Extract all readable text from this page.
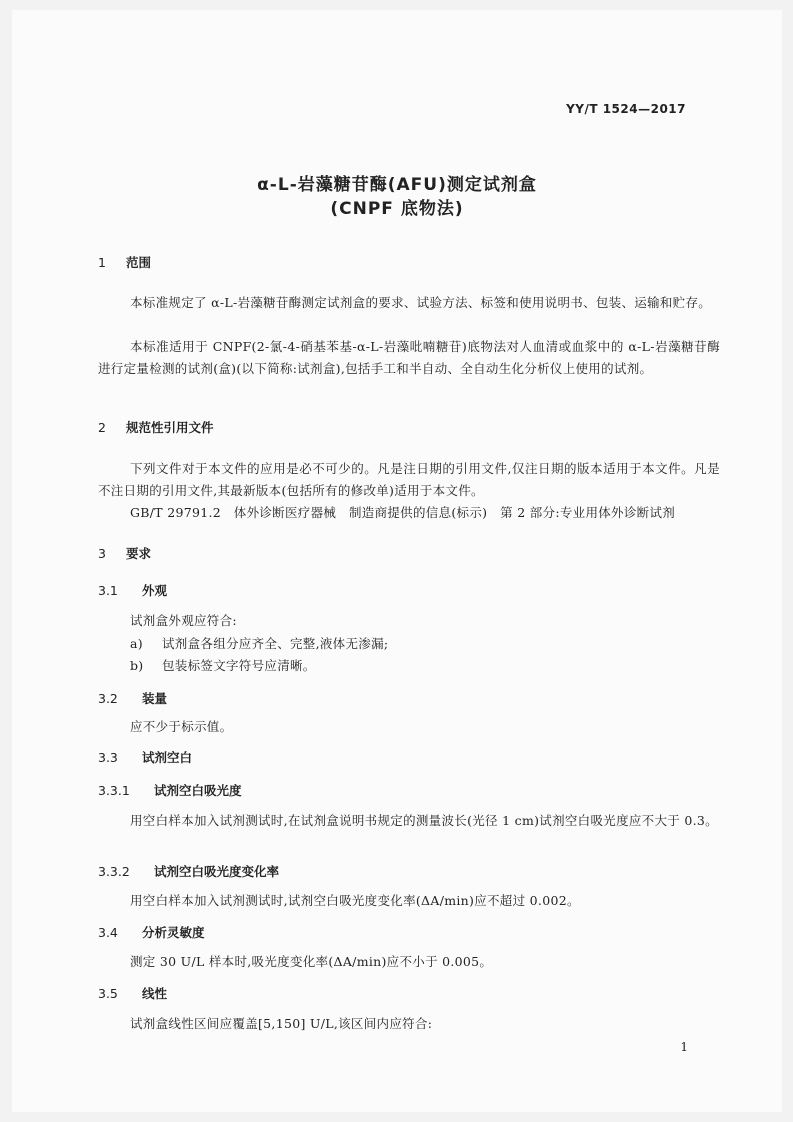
YY/T 1524—2017
α-L-岩藻糖苷酶(AFU)测定试剂盒
(CNPF 底物法)
1 范围
本标准规定了 α-L-岩藻糖苷酶测定试剂盒的要求、试验方法、标签和使用说明书、包装、运输和贮存。
本标准适用于 CNPF(2-氯-4-硝基苯基-α-L-岩藻吡喃糖苷)底物法对人血清或血浆中的 α-L-岩藻糖苷酶进行定量检测的试剂(盒)(以下简称:试剂盒),包括手工和半自动、全自动生化分析仪上使用的试剂。
2 规范性引用文件
下列文件对于本文件的应用是必不可少的。凡是注日期的引用文件,仅注日期的版本适用于本文件。凡是不注日期的引用文件,其最新版本(包括所有的修改单)适用于本文件。
GB/T 29791.2　体外诊断医疗器械　制造商提供的信息(标示)　第 2 部分:专业用体外诊断试剂
3 要求
3.1 外观
试剂盒外观应符合:
a) 试剂盒各组分应齐全、完整,液体无渗漏;
b) 包装标签文字符号应清晰。
3.2 装量
应不少于标示值。
3.3 试剂空白
3.3.1 试剂空白吸光度
用空白样本加入试剂测试时,在试剂盒说明书规定的测量波长(光径 1 cm)试剂空白吸光度应不大于 0.3。
3.3.2 试剂空白吸光度变化率
用空白样本加入试剂测试时,试剂空白吸光度变化率(ΔA/min)应不超过 0.002。
3.4 分析灵敏度
测定 30 U/L 样本时,吸光度变化率(ΔA/min)应不小于 0.005。
3.5 线性
试剂盒线性区间应覆盖[5,150] U/L,该区间内应符合:
1
